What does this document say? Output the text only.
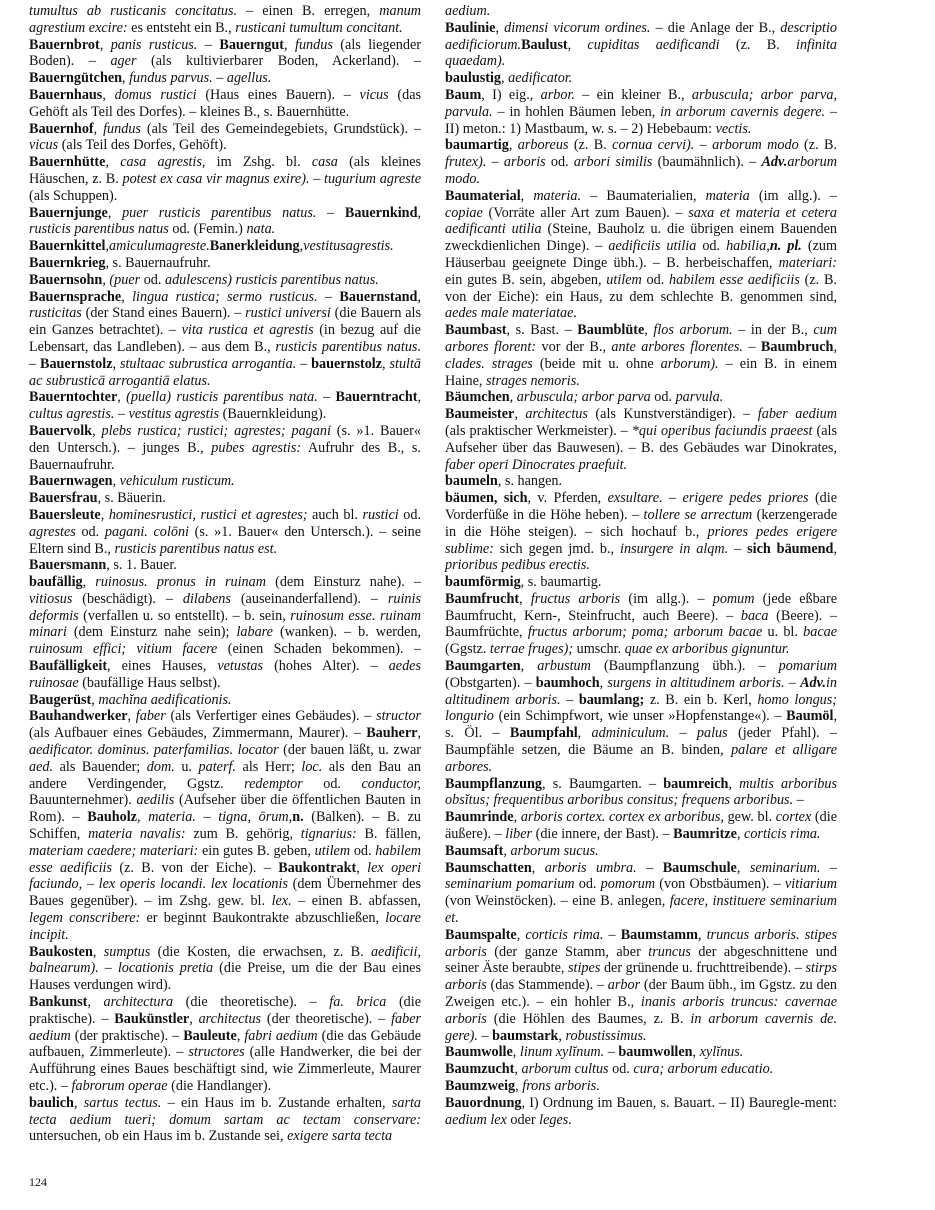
tumultus ab rusticanis concitatus. – einen B. erregen, manum agrestium excire: es entsteht ein B., rusticani tumultum concitant.

Bauernbrot, panis rusticus. – Bauerngut, fundus (als liegender Boden). – ager (als kultivierbarer Boden, Ackerland). – Bauerngütchen, fundus parvus. – agellus.

Bauernhaus, domus rustici (Haus eines Bauern). – vicus (das Gehöft als Teil des Dorfes). – kleines B., s. Bauernhütte.

Bauernhof, fundus (als Teil des Gemeindegebiets, Grundstück). – vicus (als Teil des Dorfes, Gehöft).

Bauernhütte, casa agrestis, im Zshg. bl. casa (als kleines Häuschen, z. B. potest ex casa vir magnus exire). – tugurium agreste (als Schuppen).

Bauernjunge, puer rusticis parentibus natus. – Bauernkind, rusticis parentibus natus od. (Femin.) nata.

Bauernkittel,amiculumagreste.Banerkleidung,vestitusagrestis.

Bauernkrieg, s. Bauernaufruhr.

Bauernsohn, (puer od. adulescens) rusticis parentibus natus.

Bauernsprache, lingua rustica; sermo rusticus. – Bauernstand, rusticitas (der Stand eines Bauern). – rustici universi (die Bauern als ein Ganzes betrachtet). – vita rustica et agrestis (in bezug auf die Lebensart, das Landleben). – aus dem B., rusticis parentibus natus. – Bauernstolz, stultaac subrustica arrogantia. – bauernstolz, stultā ac subrusticā arrogantiā elatus.

Bauerntochter, (puella) rusticis parentibus nata. – Bauerntracht, cultus agrestis. – vestitus agrestis (Bauernkleidung).

Bauervolk, plebs rustica; rustici; agrestes; pagani (s. »1. Bauer« den Untersch.). – junges B., pubes agrestis: Aufruhr des B., s. Bauernaufruhr.

Bauernwagen, vehiculum rusticum.

Bauersfrau, s. Bäuerin.

Bauersleute, hominesrustici, rustici et agrestes; auch bl. rustici od. agrestes od. pagani. colōni (s. »1. Bauer« den Untersch.). – seine Eltern sind B., rusticis parentibus natus est.

Bauersmann, s. 1. Bauer.

baufällig, ruinosus. pronus in ruinam (dem Einsturz nahe). – vitiosus (beschädigt). – dilabens (auseinanderfallend). – ruinis deformis (verfallen u. so entstellt). – b. sein, ruinosum esse. ruinam minari (dem Einsturz nahe sein); labare (wanken). – b. werden, ruinosum effici; vitium facere (einen Schaden bekommen). – Baufälligkeit, eines Hauses, vetustas (hohes Alter). – aedes ruinosae (baufällige Haus selbst).

Baugerüst, machĭna aedificationis.

Bauhandwerker, faber (als Verfertiger eines Gebäudes). – structor (als Aufbauer eines Gebäudes, Zimmermann, Maurer). – Bauherr, aedificator. dominus. paterfamilias. locator (der bauen läßt, u. zwar aed. als Bauender; dom. u. paterf. als Herr; loc. als den Bau an andere Verdingender, Ggstz. redemptor od. conductor, Bauunternehmer). aedilis (Aufseher über die öffentlichen Bauten in Rom). – Bauholz, materia. – tigna, ōrum,n. (Balken). – B. zu Schiffen, materia navalis: zum B. gehörig, tignarius: B. fällen, materiam caedere; materiari: ein gutes B. geben, utilem od. habilem esse aedificiis (z. B. von der Eiche). – Baukontrakt, lex operi faciundo, – lex operis locandi. lex locationis (dem Übernehmer des Baues gegenüber). – im Zshg. gew. bl. lex. – einen B. abfassen, legem conscribere: er beginnt Baukontrakte abzuschließen, locare incipit.

Baukosten, sumptus (die Kosten, die erwachsen, z. B. aedificii, balnearum). – locationis pretia (die Preise, um die der Bau eines Hauses verdungen wird).

Bankunst, architectura (die theoretische). – fa. brica (die praktische). – Baukünstler, architectus (der theoretische). – faber aedium (der praktische). – Bauleute, fabri aedium (die das Gebäude aufbauen, Zimmerleute). – structores (alle Handwerker, die bei der Aufführung eines Baues beschäftigt sind, wie Zimmerleute, Maurer etc.). – fabrorum operae (die Handlanger).

baulich, sartus tectus. – ein Haus im b. Zustande erhalten, sarta tecta aedium tueri; domum sartam ac tectam conservare: untersuchen, ob ein Haus im b. Zustande sei, exigere sarta tecta

aedium.

Baulinie, dimensi vicorum ordines. – die Anlage der B., descriptio aedificiorum.Baulust, cupiditas aedificandi (z. B. infinita quaedam).

baulustig, aedificator.

Baum, I) eig., arbor. – ein kleiner B., arbuscula; arbor parva, parvula. – in hohlen Bäumen leben, in arborum cavernis degere. – II) meton.: 1) Mastbaum, w. s. – 2) Hebebaum: vectis.

baumartig, arboreus (z. B. cornua cervi). – arborum modo (z. B. frutex). – arboris od. arbori similis (baumähnlich). – Adv.arborum modo.

Baumaterial, materia. – Baumaterialien, materia (im allg.). – copiae (Vorräte aller Art zum Bauen). – saxa et materia et cetera aedificanti utilia (Steine, Bauholz u. die übrigen einem Bauenden zweckdienlichen Dinge). – aedificiis utilia od. habilia,n. pl. (zum Häuserbau geeignete Dinge übh.). – B. herbeischaffen, materiari: ein gutes B. sein, abgeben, utilem od. habilem esse aedificiis (z. B. von der Eiche): ein Haus, zu dem schlechte B. genommen sind, aedes male materiatae.

Baumbast, s. Bast. – Baumblüte, flos arborum. – in der B., cum arbores florent: vor der B., ante arbores florentes. – Baumbruch, clades. strages (beide mit u. ohne arborum). – ein B. in einem Haine, strages nemoris.

Bäumchen, arbuscula; arbor parva od. parvula.

Baumeister, architectus (als Kunstverständiger). – faber aedium (als praktischer Werkmeister). – *qui operibus faciundis praeest (als Aufseher über das Bauwesen). – B. des Gebäudes war Dinokrates, faber operi Dinocrates praefuit.

baumeln, s. hangen.

bäumen, sich, v. Pferden, exsultare. – erigere pedes priores (die Vorderfüße in die Höhe heben). – tollere se arrectum (kerzengerade in die Höhe steigen). – sich hochauf b., priores pedes erigere sublime: sich gegen jmd. b., insurgere in alqm. – sich bäumend, prioribus pedibus erectis.

baumförmig, s. baumartig.

Baumfrucht, fructus arboris (im allg.). – pomum (jede eßbare Baumfrucht, Kern-, Steinfrucht, auch Beere). – baca (Beere). – Baumfrüchte, fructus arborum; poma; arborum bacae u. bl. bacae (Ggstz. terrae fruges); umschr. quae ex arboribus gignuntur.

Baumgarten, arbustum (Baumpflanzung übh.). – pomarium (Obstgarten). – baumhoch, surgens in altitudinem arboris. – Adv.in altitudinem arboris. – baumlang; z. B. ein b. Kerl, homo longus; longurio (ein Schimpfwort, wie unser »Hopfenstange«). – Baumöl, s. Öl. – Baumpfahl, adminiculum. – palus (jeder Pfahl). – Baumpfähle setzen, die Bäume an B. binden, palare et alligare arbores.

Baumpflanzung, s. Baumgarten. – baumreich, multis arboribus obsĭtus; frequentibus arboribus consitus; frequens arboribus. –

Baumrinde, arboris cortex. cortex ex arboribus, gew. bl. cortex (die äußere). – liber (die innere, der Bast). – Baumritze, corticis rima.

Baumsaft, arborum sucus.

Baumschatten, arboris umbra. – Baumschule, seminarium. – seminarium pomarium od. pomorum (von Obstbäumen). – vitiarium (von Weinstöcken). – eine B. anlegen, facere, instituere seminarium et.

Baumspalte, corticis rima. – Baumstamm, truncus arboris. stipes arboris (der ganze Stamm, aber truncus der abgeschnittene und seiner Äste beraubte, stipes der grünende u. fruchttreibende). – stirps arboris (das Stammende). – arbor (der Baum übh., im Ggstz. zu den Zweigen etc.). – ein hohler B., inanis arboris truncus: cavernae arboris (die Höhlen des Baumes, z. B. in arborum cavernis de. gere). – baumstark, robustissimus.

Baumwolle, linum xylĭnum. – baumwollen, xylĭnus.

Baumzucht, arborum cultus od. cura; arborum educatio.

Baumzweig, frons arboris.

Bauordnung, I) Ordnung im Bauen, s. Bauart. – II) Bauregle-ment: aedium lex oder leges.

124
